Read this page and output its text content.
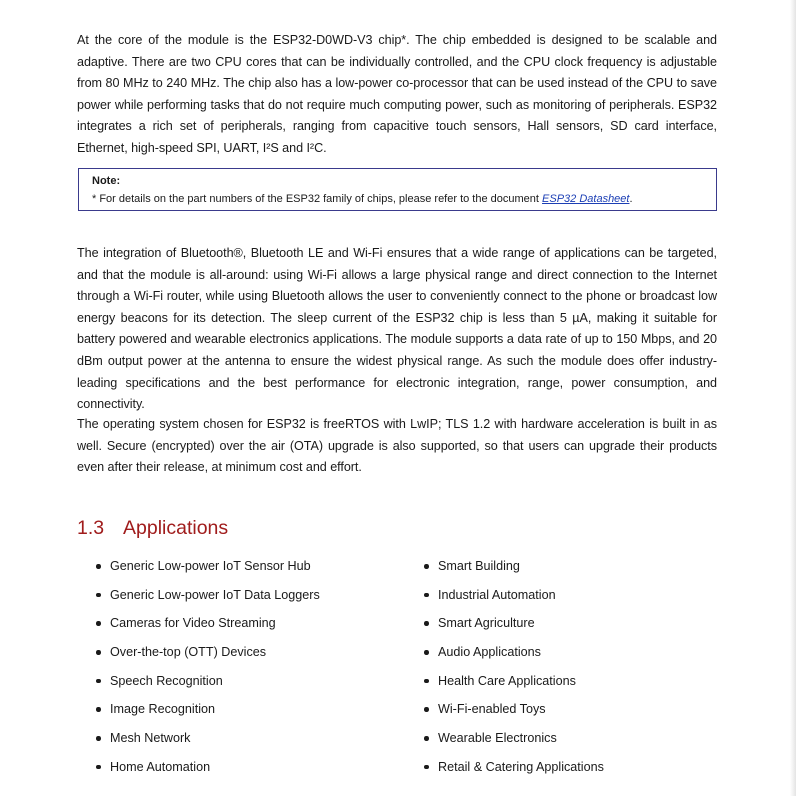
At the core of the module is the ESP32-D0WD-V3 chip*. The chip embedded is designed to be scalable and adaptive. There are two CPU cores that can be individually controlled, and the CPU clock frequency is adjustable from 80 MHz to 240 MHz. The chip also has a low-power co-processor that can be used instead of the CPU to save power while performing tasks that do not require much computing power, such as monitoring of peripherals. ESP32 integrates a rich set of peripherals, ranging from capacitive touch sensors, Hall sensors, SD card interface, Ethernet, high-speed SPI, UART, I²S and I²C.

Note:
* For details on the part numbers of the ESP32 family of chips, please refer to the document ESP32 Datasheet.

The integration of Bluetooth®, Bluetooth LE and Wi-Fi ensures that a wide range of applications can be targeted, and that the module is all-around: using Wi-Fi allows a large physical range and direct connection to the Internet through a Wi-Fi router, while using Bluetooth allows the user to conveniently connect to the phone or broadcast low energy beacons for its detection. The sleep current of the ESP32 chip is less than 5 µA, making it suitable for battery powered and wearable electronics applications. The module supports a data rate of up to 150 Mbps, and 20 dBm output power at the antenna to ensure the widest physical range. As such the module does offer industry-leading specifications and the best performance for electronic integration, range, power consumption, and connectivity.

The operating system chosen for ESP32 is freeRTOS with LwIP; TLS 1.2 with hardware acceleration is built in as well. Secure (encrypted) over the air (OTA) upgrade is also supported, so that users can upgrade their products even after their release, at minimum cost and effort.

1.3 Applications
Generic Low-power IoT Sensor Hub
Generic Low-power IoT Data Loggers
Cameras for Video Streaming
Over-the-top (OTT) Devices
Speech Recognition
Image Recognition
Mesh Network
Home Automation
Smart Building
Industrial Automation
Smart Agriculture
Audio Applications
Health Care Applications
Wi-Fi-enabled Toys
Wearable Electronics
Retail & Catering Applications
